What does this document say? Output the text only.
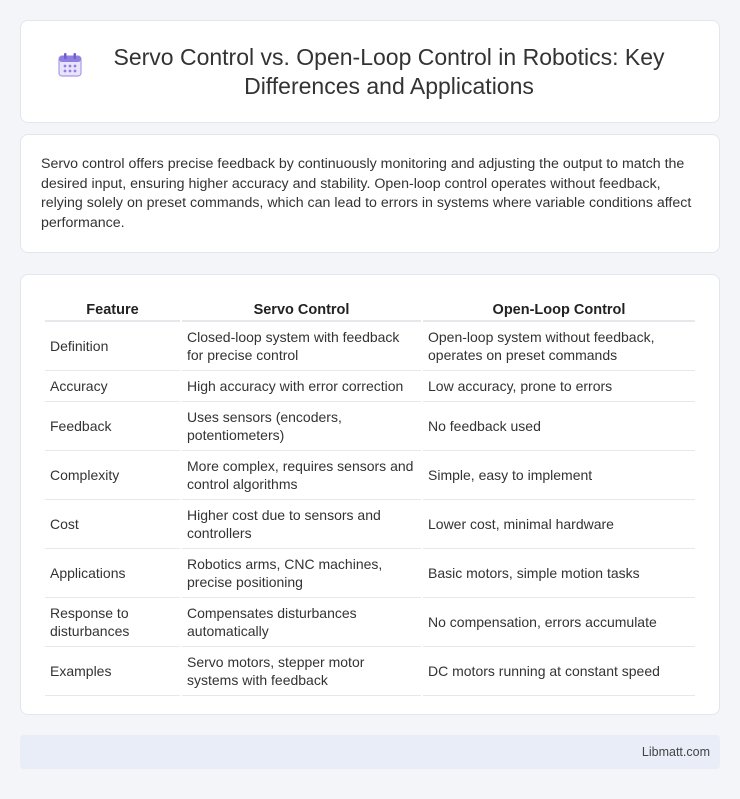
Servo Control vs. Open-Loop Control in Robotics: Key Differences and Applications

Servo control offers precise feedback by continuously monitoring and adjusting the output to match the desired input, ensuring higher accuracy and stability. Open-loop control operates without feedback, relying solely on preset commands, which can lead to errors in systems where variable conditions affect performance.

Feature	Servo Control	Open-Loop Control
Definition	Closed-loop system with feedback for precise control	Open-loop system without feedback, operates on preset commands
Accuracy	High accuracy with error correction	Low accuracy, prone to errors
Feedback	Uses sensors (encoders, potentiometers)	No feedback used
Complexity	More complex, requires sensors and control algorithms	Simple, easy to implement
Cost	Higher cost due to sensors and controllers	Lower cost, minimal hardware
Applications	Robotics arms, CNC machines, precise positioning	Basic motors, simple motion tasks
Response to disturbances	Compensates disturbances automatically	No compensation, errors accumulate
Examples	Servo motors, stepper motor systems with feedback	DC motors running at constant speed
Libmatt.com
